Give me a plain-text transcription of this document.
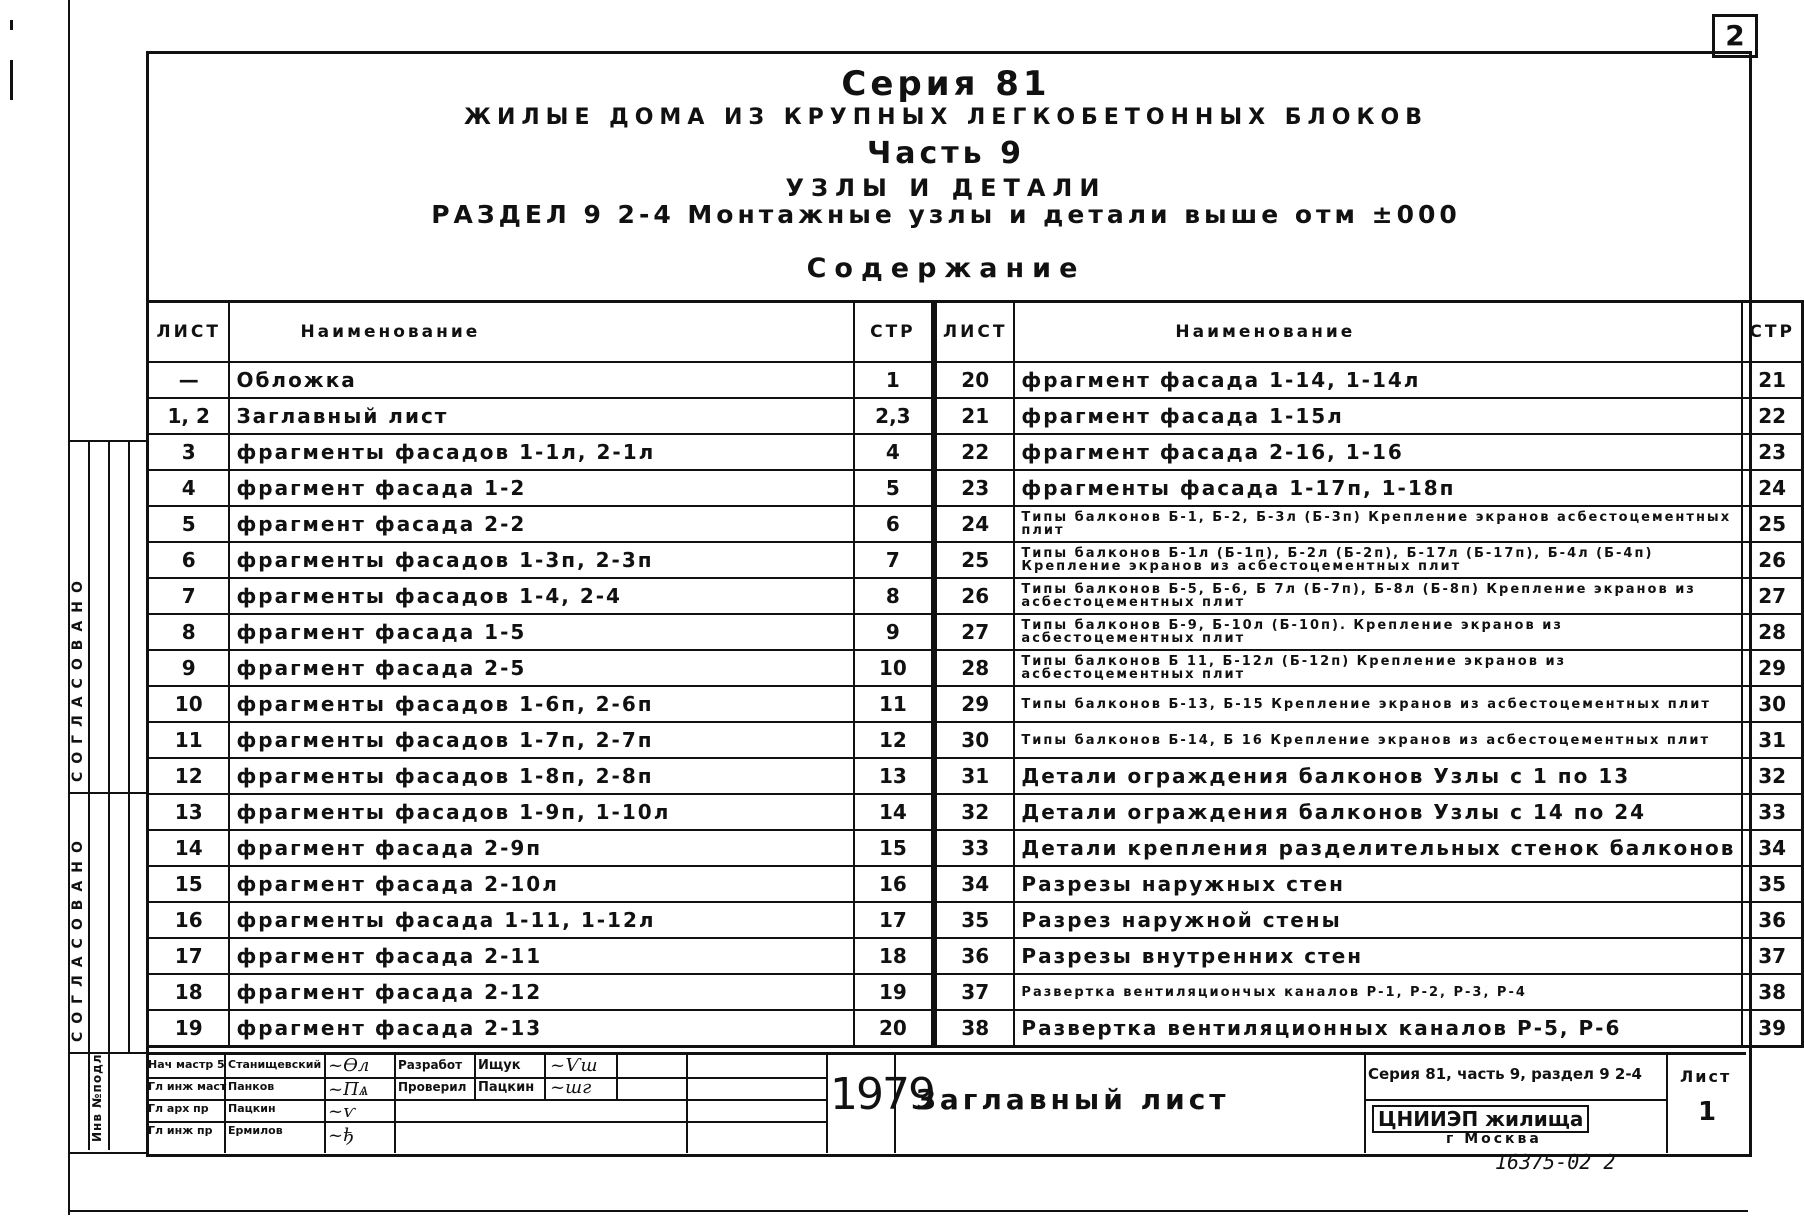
2
Серия 81
ЖИЛЫЕ ДОМА ИЗ КРУПНЫХ ЛЕГКОБЕТОННЫХ БЛОКОВ
Часть 9
УЗЛЫ И ДЕТАЛИ
РАЗДЕЛ 9 2-4 Монтажные узлы и детали выше отм ±000
Содержание
ЛИСТ	Наименование	СТР
—	Обложка	1
1, 2	Заглавный лист	2,3
3	фрагменты фасадов 1-1л, 2-1л	4
4	фрагмент фасада 1-2	5
5	фрагмент фасада 2-2	6
6	фрагменты фасадов 1-3п, 2-3п	7
7	фрагменты фасадов 1-4, 2-4	8
8	фрагмент фасада 1-5	9
9	фрагмент фасада 2-5	10
10	фрагменты фасадов 1-6п, 2-6п	11
11	фрагменты фасадов 1-7п, 2-7п	12
12	фрагменты фасадов 1-8п, 2-8п	13
13	фрагменты фасадов 1-9п, 1-10л	14
14	фрагмент фасада 2-9п	15
15	фрагмент фасада 2-10л	16
16	фрагменты фасада 1-11, 1-12л	17
17	фрагмент фасада 2-11	18
18	фрагмент фасада 2-12	19
19	фрагмент фасада 2-13	20
ЛИСТ	Наименование	СТР
20	фрагмент фасада 1-14, 1-14л	21
21	фрагмент фасада 1-15л	22
22	фрагмент фасада 2-16, 1-16	23
23	фрагменты фасада 1-17п, 1-18п	24
24	Типы балконов Б-1, Б-2, Б-3л (Б-3п) Крепление экранов асбестоцементных плит	25
25	Типы балконов Б-1л (Б-1п), Б-2л (Б-2п), Б-17л (Б-17п), Б-4л (Б-4п) Крепление экранов из асбестоцементных плит	26
26	Типы балконов Б-5, Б-6, Б 7л (Б-7п), Б-8л (Б-8п) Крепление экранов из асбестоцементных плит	27
27	Типы балконов Б-9, Б-10л (Б-10п). Крепление экранов из асбестоцементных плит	28
28	Типы балконов Б 11, Б-12л (Б-12п) Крепление экранов из асбестоцементных плит	29
29	Типы балконов Б-13, Б-15 Крепление экранов из асбестоцементных плит	30
30	Типы балконов Б-14, Б 16 Крепление экранов из асбестоцементных плит	31
31	Детали ограждения балконов Узлы с 1 по 13	32
32	Детали ограждения балконов Узлы с 14 по 24	33
33	Детали крепления разделительных стенок балконов	34
34	Разрезы наружных стен	35
35	Разрез наружной стены	36
36	Разрезы внутренних стен	37
37	Развертка вентиляциончых каналов Р-1, Р-2, Р-3, Р-4	38
38	Развертка вентиляционных каналов Р-5, Р-6	39
СОГЛАСОВАНО
СОГЛАСОВАНО
Инв №подл	Нач мастр 5 Станищевский
Гл инж маст Панков
Гл арх пр Пацкин
Гл инж пр Ермилов
Разработ Ищук
Проверил Пацкин
~Ѳл
~Пѧ
~ѵ
~ђ
~Ѵш
~шг	1979
Заглавный лист
Серия 81, часть 9, раздел 9 2-4
ЦНИИЭП жилища
г Москва
Лист
1
16375-02 2
